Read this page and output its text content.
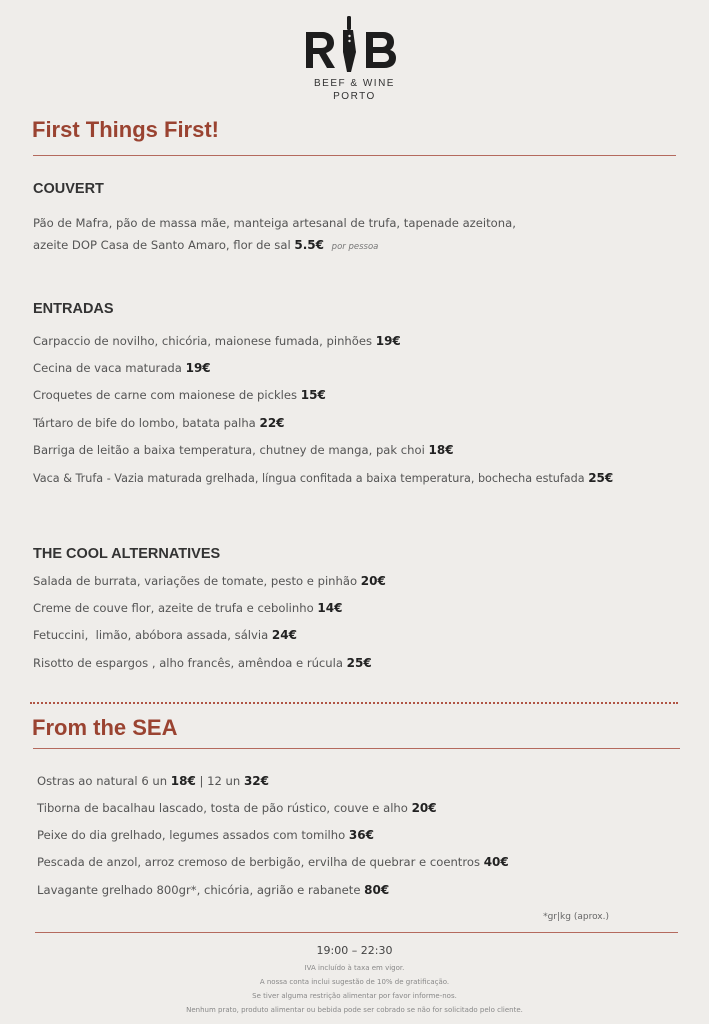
BEEF & WINE
PORTO
First Things First!
COUVERT
Pão de Mafra, pão de massa mãe, manteiga artesanal de trufa, tapenade azeitona,
azeite DOP Casa de Santo Amaro, flor de sal 5.5€ por pessoa
ENTRADAS
Carpaccio de novilho, chicória, maionese fumada, pinhões 19€
Cecina de vaca maturada 19€
Croquetes de carne com maionese de pickles 15€
Tártaro de bife do lombo, batata palha 22€
Barriga de leitão a baixa temperatura, chutney de manga, pak choi 18€
Vaca & Trufa - Vazia maturada grelhada, língua confitada a baixa temperatura, bochecha estufada 25€
THE COOL ALTERNATIVES
Salada de burrata, variações de tomate, pesto e pinhão 20€
Creme de couve flor, azeite de trufa e cebolinho 14€
Fetuccini,  limão, abóbora assada, sálvia 24€
Risotto de espargos , alho francês, amêndoa e rúcula 25€
From the SEA
Ostras ao natural 6 un 18€ | 12 un 32€
Tiborna de bacalhau lascado, tosta de pão rústico, couve e alho 20€
Peixe do dia grelhado, legumes assados com tomilho 36€
Pescada de anzol, arroz cremoso de berbigão, ervilha de quebrar e coentros 40€
Lavagante grelhado 800gr*, chicória, agrião e rabanete 80€
*gr|kg (aprox.)
19:00 – 22:30
IVA incluído à taxa em vigor.
A nossa conta inclui sugestão de 10% de gratificação.
Se tiver alguma restrição alimentar por favor informe-nos.
Nenhum prato, produto alimentar ou bebida pode ser cobrado se não for solicitado pelo cliente.
